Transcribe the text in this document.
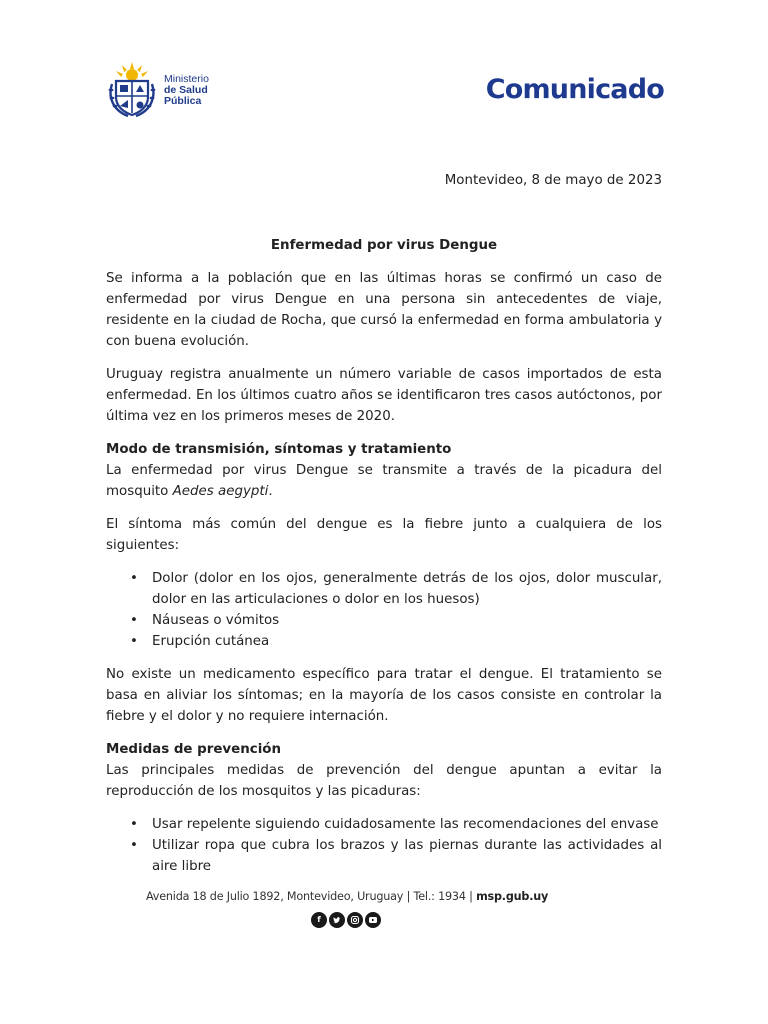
Ministerio
de Salud
Pública	Comunicado
Montevideo, 8 de mayo de 2023
Enfermedad por virus Dengue

Se informa a la población que en las últimas horas se confirmó un caso de enfermedad por virus Dengue en una persona sin antecedentes de viaje, residente en la ciudad de Rocha, que cursó la enfermedad en forma ambulatoria y con buena evolución.

Uruguay registra anualmente un número variable de casos importados de esta enfermedad. En los últimos cuatro años se identificaron tres casos autóctonos, por última vez en los primeros meses de 2020.

Modo de transmisión, síntomas y tratamiento

La enfermedad por virus Dengue se transmite a través de la picadura del mosquito Aedes aegypti.

El síntoma más común del dengue es la fiebre junto a cualquiera de los siguientes:

• Dolor (dolor en los ojos, generalmente detrás de los ojos, dolor muscular, dolor en las articulaciones o dolor en los huesos)
• Náuseas o vómitos
• Erupción cutánea

No existe un medicamento específico para tratar el dengue. El tratamiento se basa en aliviar los síntomas; en la mayoría de los casos consiste en controlar la fiebre y el dolor y no requiere internación.

Medidas de prevención

Las principales medidas de prevención del dengue apuntan a evitar la reproducción de los mosquitos y las picaduras:

• Usar repelente siguiendo cuidadosamente las recomendaciones del envase
• Utilizar ropa que cubra los brazos y las piernas durante las actividades al aire libre
Avenida 18 de Julio 1892, Montevideo, Uruguay | Tel.: 1934 | msp.gub.uy
f
